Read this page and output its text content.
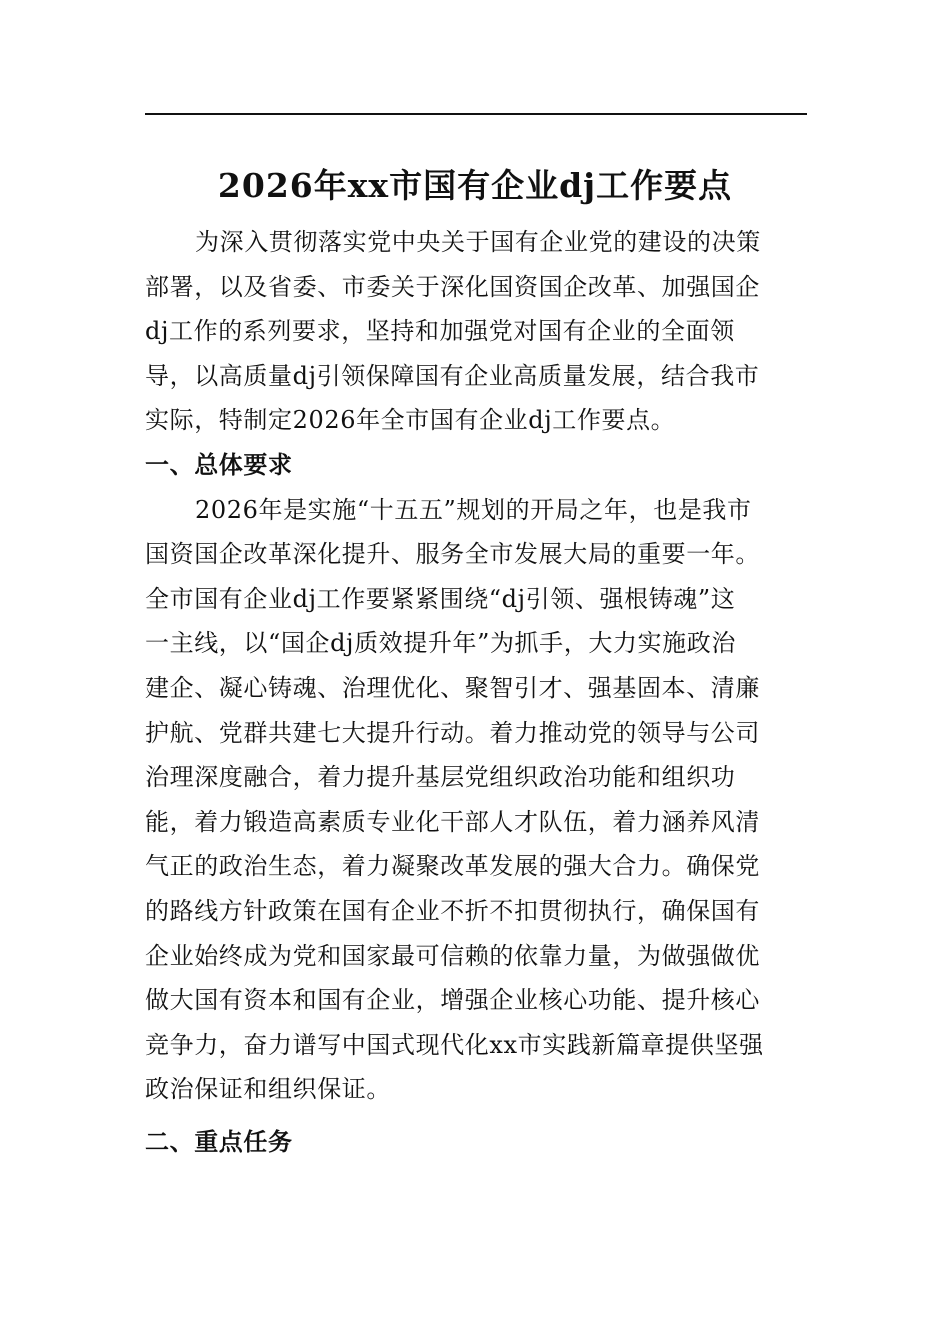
2026年xx市国有企业dj工作要点

为深入贯彻落实党中央关于国有企业党的建设的决策
部署，以及省委、市委关于深化国资国企改革、加强国企
dj工作的系列要求，坚持和加强党对国有企业的全面领
导，以高质量dj引领保障国有企业高质量发展，结合我市
实际，特制定2026年全市国有企业dj工作要点。

一、总体要求

2026年是实施“十五五”规划的开局之年，也是我市
国资国企改革深化提升、服务全市发展大局的重要一年。
全市国有企业dj工作要紧紧围绕“dj引领、强根铸魂”这
一主线，以“国企dj质效提升年”为抓手，大力实施政治
建企、凝心铸魂、治理优化、聚智引才、强基固本、清廉
护航、党群共建七大提升行动。着力推动党的领导与公司
治理深度融合，着力提升基层党组织政治功能和组织功
能，着力锻造高素质专业化干部人才队伍，着力涵养风清
气正的政治生态，着力凝聚改革发展的强大合力。确保党
的路线方针政策在国有企业不折不扣贯彻执行，确保国有
企业始终成为党和国家最可信赖的依靠力量，为做强做优
做大国有资本和国有企业，增强企业核心功能、提升核心
竞争力，奋力谱写中国式现代化xx市实践新篇章提供坚强
政治保证和组织保证。

二、重点任务
